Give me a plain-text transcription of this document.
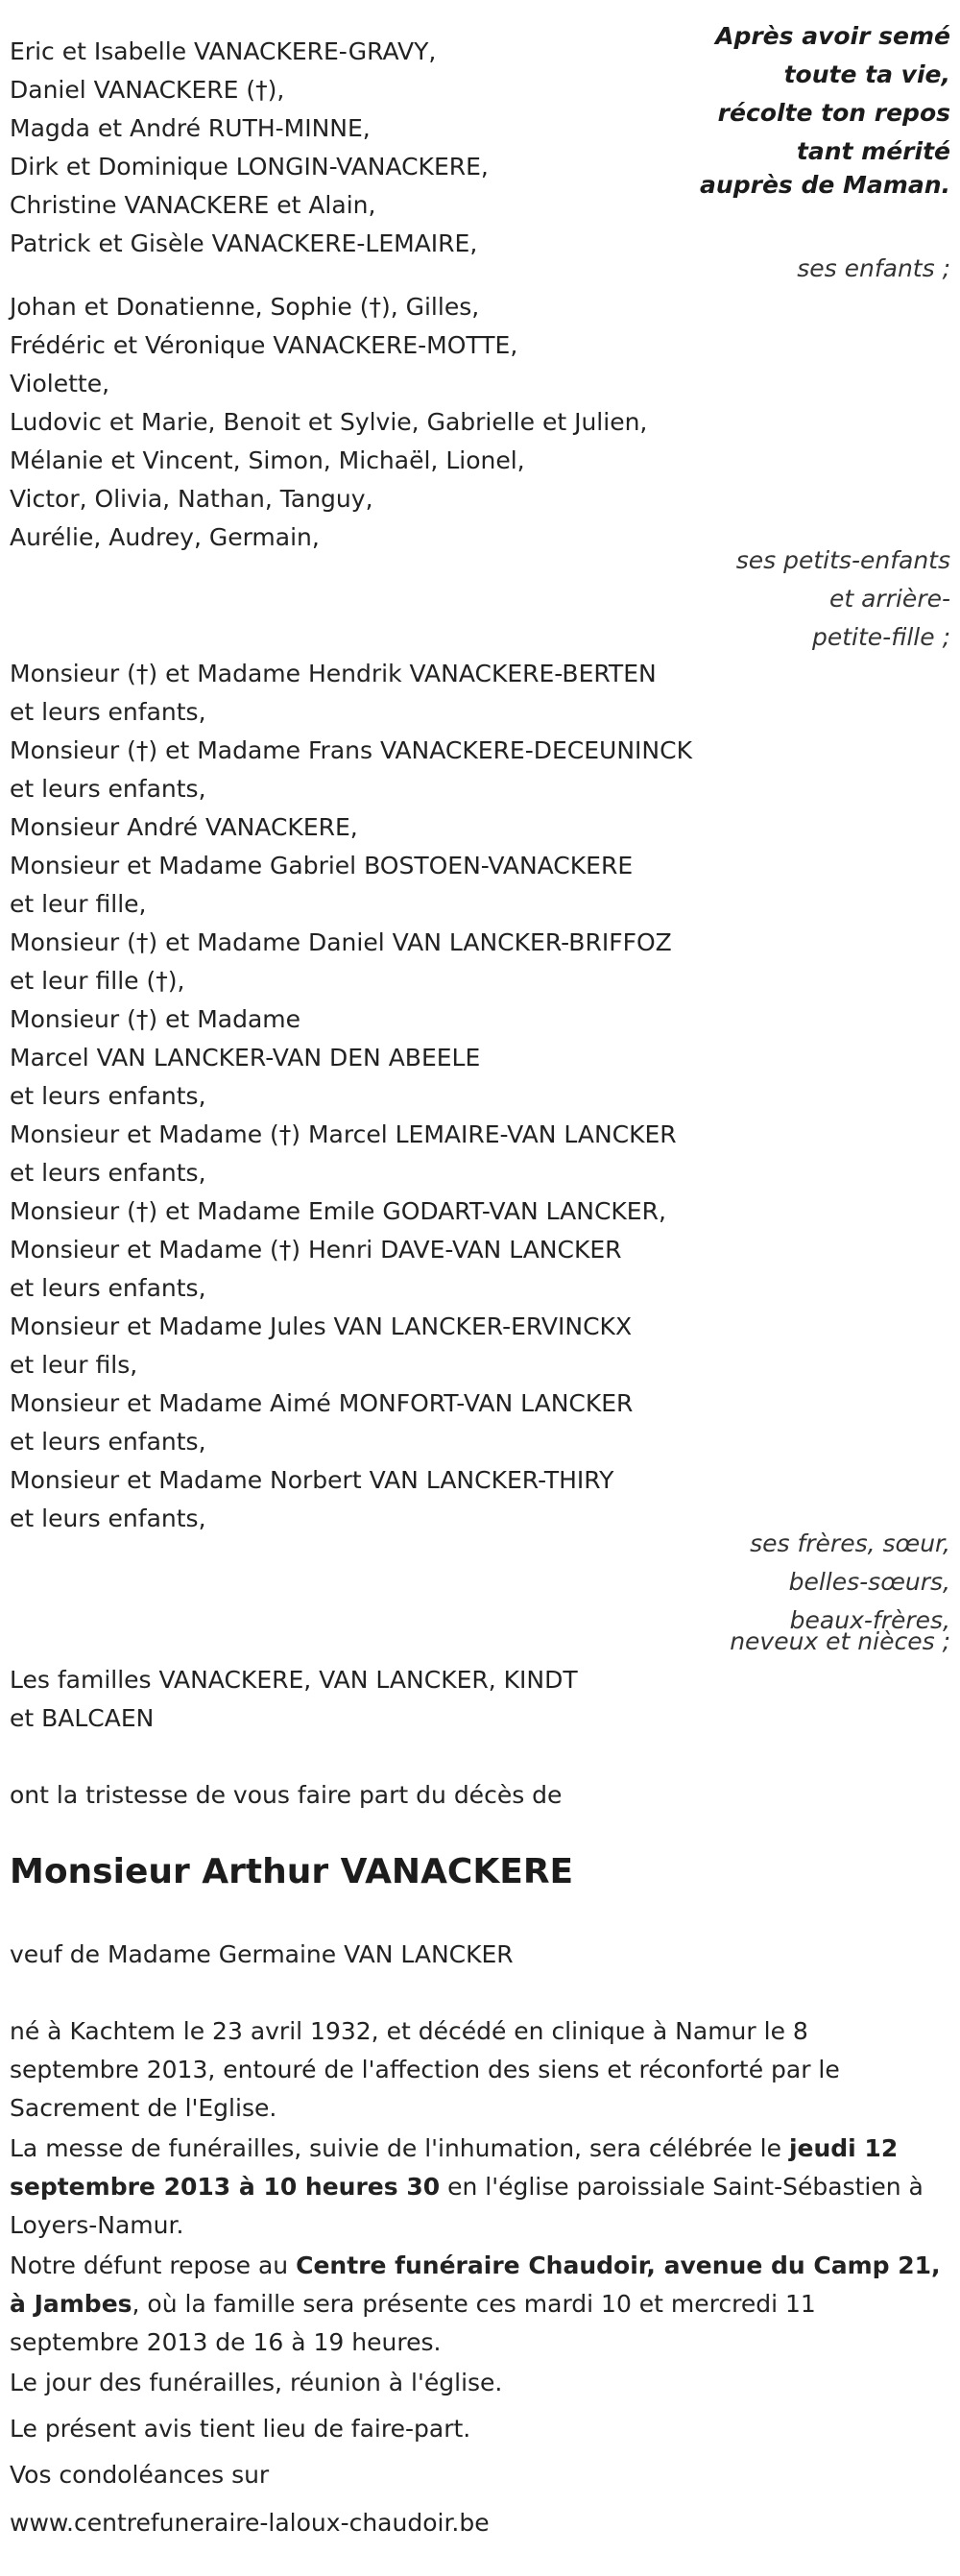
Eric et Isabelle VANACKERE-GRAVY,
Daniel VANACKERE (†),
Magda et André RUTH-MINNE,
Dirk et Dominique LONGIN-VANACKERE,
Christine VANACKERE et Alain,
Patrick et Gisèle VANACKERE-LEMAIRE,
Après avoir semé
toute ta vie,
récolte ton repos
tant mérité
auprès de Maman.
ses enfants ;
Johan et Donatienne, Sophie (†), Gilles,
Frédéric et Véronique VANACKERE-MOTTE,
Violette,
Ludovic et Marie, Benoit et Sylvie, Gabrielle et Julien,
Mélanie et Vincent, Simon, Michaël, Lionel,
Victor, Olivia, Nathan, Tanguy,
Aurélie, Audrey, Germain,
ses petits-enfants
et arrière-
petite-fille ;
Monsieur (†) et Madame Hendrik VANACKERE-BERTEN
et leurs enfants,
Monsieur (†) et Madame Frans VANACKERE-DECEUNINCK
et leurs enfants,
Monsieur André VANACKERE,
Monsieur et Madame Gabriel BOSTOEN-VANACKERE
et leur fille,
Monsieur (†) et Madame Daniel VAN LANCKER-BRIFFOZ
et leur fille (†),
Monsieur (†) et Madame
Marcel VAN LANCKER-VAN DEN ABEELE
et leurs enfants,
Monsieur et Madame (†) Marcel LEMAIRE-VAN LANCKER
et leurs enfants,
Monsieur (†) et Madame Emile GODART-VAN LANCKER,
Monsieur et Madame (†) Henri DAVE-VAN LANCKER
et leurs enfants,
Monsieur et Madame Jules VAN LANCKER-ERVINCKX
et leur fils,
Monsieur et Madame Aimé MONFORT-VAN LANCKER
et leurs enfants,
Monsieur et Madame Norbert VAN LANCKER-THIRY
et leurs enfants,
ses frères, sœur,
belles-sœurs,
beaux-frères,
neveux et nièces ;
Les familles VANACKERE, VAN LANCKER, KINDT
et BALCAEN
ont la tristesse de vous faire part du décès de
Monsieur Arthur VANACKERE
veuf de Madame Germaine VAN LANCKER
né à Kachtem le 23 avril 1932, et décédé en clinique à Namur le 8
septembre 2013, entouré de l'affection des siens et réconforté par le
Sacrement de l'Eglise.
La messe de funérailles, suivie de l'inhumation, sera célébrée le jeudi 12
septembre 2013 à 10 heures 30 en l'église paroissiale Saint-Sébastien à
Loyers-Namur.
Notre défunt repose au Centre funéraire Chaudoir, avenue du Camp 21,
à Jambes, où la famille sera présente ces mardi 10 et mercredi 11
septembre 2013 de 16 à 19 heures.
Le jour des funérailles, réunion à l'église.
Le présent avis tient lieu de faire-part.
Vos condoléances sur
www.centrefuneraire-laloux-chaudoir.be
